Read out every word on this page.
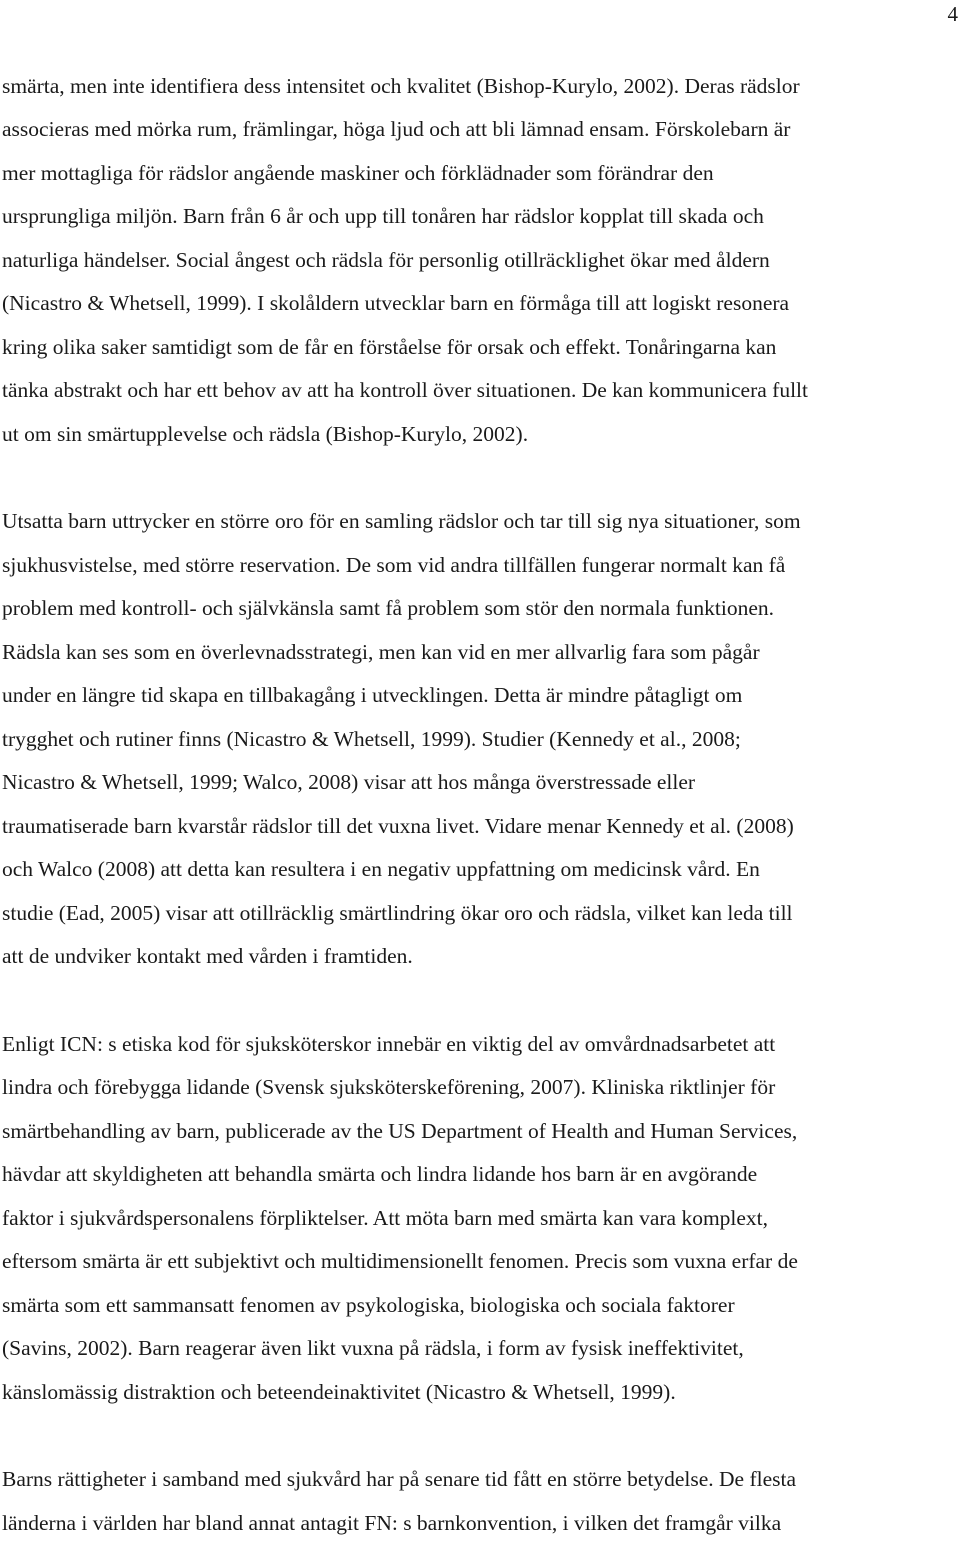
4
smärta, men inte identifiera dess intensitet och kvalitet (Bishop-Kurylo, 2002). Deras rädslor
associeras med mörka rum, främlingar, höga ljud och att bli lämnad ensam. Förskolebarn är
mer mottagliga för rädslor angående maskiner och förklädnader som förändrar den
ursprungliga miljön. Barn från 6 år och upp till tonåren har rädslor kopplat till skada och
naturliga händelser. Social ångest och rädsla för personlig otillräcklighet ökar med åldern
(Nicastro & Whetsell, 1999). I skolåldern utvecklar barn en förmåga till att logiskt resonera
kring olika saker samtidigt som de får en förståelse för orsak och effekt. Tonåringarna kan
tänka abstrakt och har ett behov av att ha kontroll över situationen. De kan kommunicera fullt
ut om sin smärtupplevelse och rädsla (Bishop-Kurylo, 2002).
Utsatta barn uttrycker en större oro för en samling rädslor och tar till sig nya situationer, som
sjukhusvistelse, med större reservation. De som vid andra tillfällen fungerar normalt kan få
problem med kontroll- och självkänsla samt få problem som stör den normala funktionen.
Rädsla kan ses som en överlevnadsstrategi, men kan vid en mer allvarlig fara som pågår
under en längre tid skapa en tillbakagång i utvecklingen. Detta är mindre påtagligt om
trygghet och rutiner finns (Nicastro & Whetsell, 1999). Studier (Kennedy et al., 2008;
Nicastro & Whetsell, 1999; Walco, 2008) visar att hos många överstressade eller
traumatiserade barn kvarstår rädslor till det vuxna livet. Vidare menar Kennedy et al. (2008)
och Walco (2008) att detta kan resultera i en negativ uppfattning om medicinsk vård. En
studie (Ead, 2005) visar att otillräcklig smärtlindring ökar oro och rädsla, vilket kan leda till
att de undviker kontakt med vården i framtiden.
Enligt ICN: s etiska kod för sjuksköterskor innebär en viktig del av omvårdnadsarbetet att
lindra och förebygga lidande (Svensk sjuksköterskeförening, 2007). Kliniska riktlinjer för
smärtbehandling av barn, publicerade av the US Department of Health and Human Services,
hävdar att skyldigheten att behandla smärta och lindra lidande hos barn är en avgörande
faktor i sjukvårdspersonalens förpliktelser. Att möta barn med smärta kan vara komplext,
eftersom smärta är ett subjektivt och multidimensionellt fenomen. Precis som vuxna erfar de
smärta som ett sammansatt fenomen av psykologiska, biologiska och sociala faktorer
(Savins, 2002). Barn reagerar även likt vuxna på rädsla, i form av fysisk ineffektivitet,
känslomässig distraktion och beteendeinaktivitet (Nicastro & Whetsell, 1999).
Barns rättigheter i samband med sjukvård har på senare tid fått en större betydelse. De flesta
länderna i världen har bland annat antagit FN: s barnkonvention, i vilken det framgår vilka
